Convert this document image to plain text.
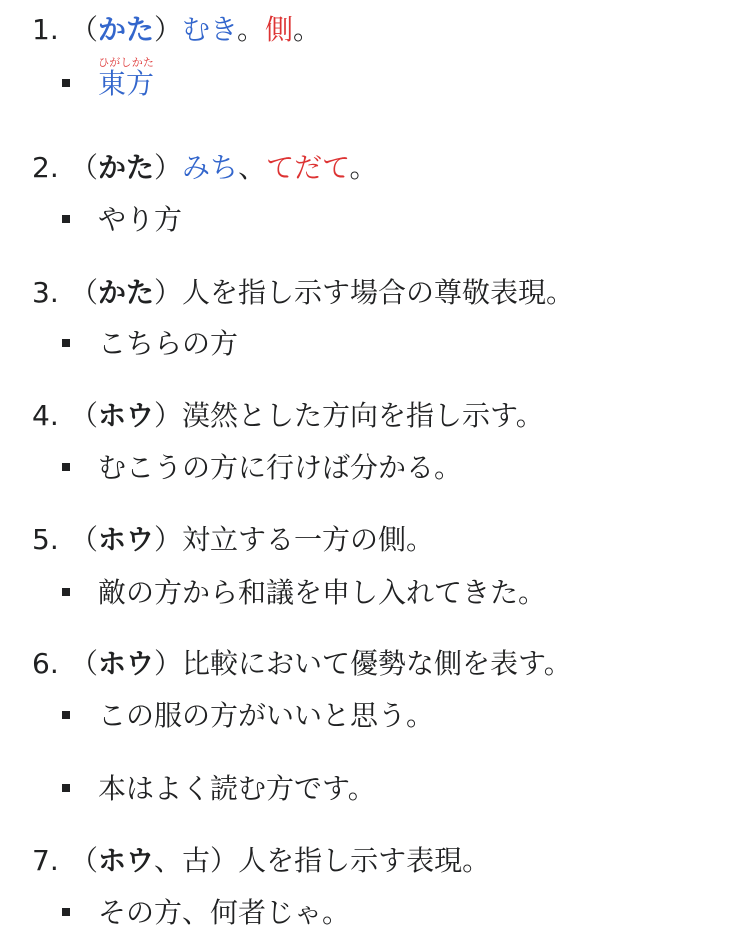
1. （かた）むき。側。
東方ひがしかた
2. （かた）みち、てだて。
やり方
3. （かた）人を指し示す場合の尊敬表現。
こちらの方
4. （ホウ）漠然とした方向を指し示す。
むこうの方に行けば分かる。
5. （ホウ）対立する一方の側。
敵の方から和議を申し入れてきた。
6. （ホウ）比較において優勢な側を表す。
この服の方がいいと思う。
本はよく読む方です。
7. （ホウ、古）人を指し示す表現。
その方、何者じゃ。
